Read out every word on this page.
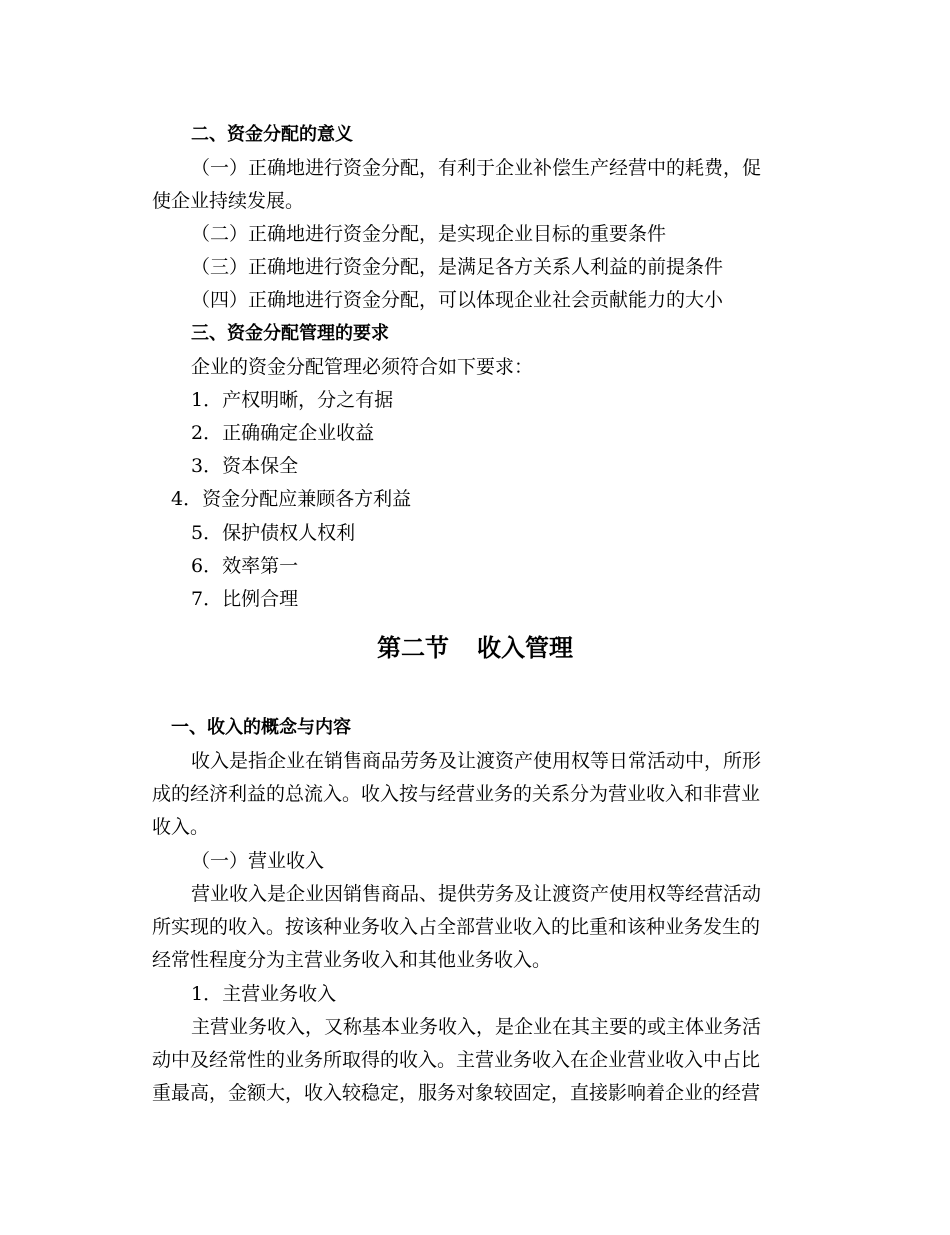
二、资金分配的意义
（一）正确地进行资金分配，有利于企业补偿生产经营中的耗费，促
使企业持续发展。
（二）正确地进行资金分配，是实现企业目标的重要条件
（三）正确地进行资金分配，是满足各方关系人利益的前提条件
（四）正确地进行资金分配，可以体现企业社会贡献能力的大小
三、资金分配管理的要求
企业的资金分配管理必须符合如下要求：
1．产权明晰，分之有据
2．正确确定企业收益
3．资本保全
4．资金分配应兼顾各方利益
5．保护债权人权利
6．效率第一
7．比例合理
第二节 收入管理
一、收入的概念与内容
收入是指企业在销售商品劳务及让渡资产使用权等日常活动中，所形
成的经济利益的总流入。收入按与经营业务的关系分为营业收入和非营业
收入。
（一）营业收入
营业收入是企业因销售商品、提供劳务及让渡资产使用权等经营活动
所实现的收入。按该种业务收入占全部营业收入的比重和该种业务发生的
经常性程度分为主营业务收入和其他业务收入。
1．主营业务收入
主营业务收入，又称基本业务收入，是企业在其主要的或主体业务活
动中及经常性的业务所取得的收入。主营业务收入在企业营业收入中占比
重最高，金额大，收入较稳定，服务对象较固定，直接影响着企业的经营
